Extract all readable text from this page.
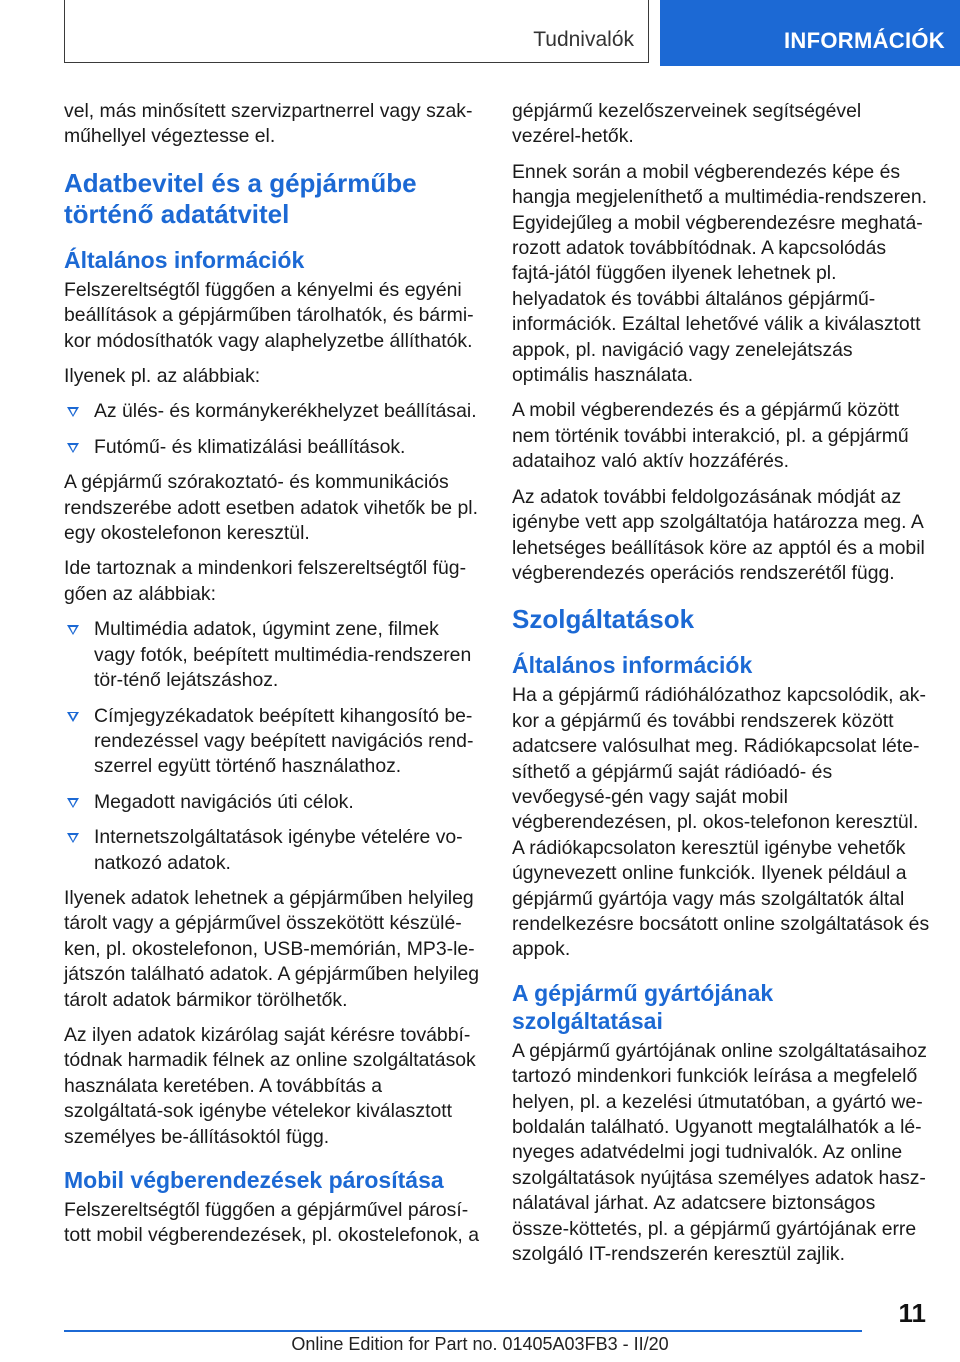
Tudnivalók	INFORMÁCIÓK

vel, más minősített szervizpartnerrel vagy szak-műhellyel végeztesse el.

Adatbevitel és a gépjárműbe történő adatátvitel
Általános információk

Felszereltségtől függően a kényelmi és egyéni beállítások a gépjárműben tárolhatók, és bármi-kor módosíthatók vagy alaphelyzetbe állíthatók.

Ilyenek pl. az alábbiak:

Az ülés- és kormánykerékhelyzet beállításai.
Futómű- és klimatizálási beállítások.

A gépjármű szórakoztató- és kommunikációs rendszerébe adott esetben adatok vihetők be pl. egy okostelefonon keresztül.

Ide tartoznak a mindenkori felszereltségtől füg-gően az alábbiak:

Multimédia adatok, úgymint zene, filmek vagy fotók, beépített multimédia-rendszeren tör-ténő lejátszáshoz.
Címjegyzékadatok beépített kihangosító be-rendezéssel vagy beépített navigációs rend-szerrel együtt történő használathoz.
Megadott navigációs úti célok.
Internetszolgáltatások igénybe vételére vo-natkozó adatok.

Ilyenek adatok lehetnek a gépjárműben helyileg tárolt vagy a gépjárművel összekötött készülé-ken, pl. okostelefonon, USB-memórián, MP3-le-játszón található adatok. A gépjárműben helyileg tárolt adatok bármikor törölhetők.

Az ilyen adatok kizárólag saját kérésre továbbí-tódnak harmadik félnek az online szolgáltatások használata keretében. A továbbítás a szolgáltatá-sok igénybe vételekor kiválasztott személyes be-állításoktól függ.

Mobil végberendezések párosítása

Felszereltségtől függően a gépjárművel párosí-tott mobil végberendezések, pl. okostelefonok, a

gépjármű kezelőszerveinek segítségével vezérel-hetők.

Ennek során a mobil végberendezés képe és hangja megjeleníthető a multimédia-rendszeren. Egyidejűleg a mobil végberendezésre meghatá-rozott adatok továbbítódnak. A kapcsolódás fajtá-jától függően ilyenek lehetnek pl. helyadatok és további általános gépjármű-információk. Ezáltal lehetővé válik a kiválasztott appok, pl. navigáció vagy zenelejátszás optimális használata.

A mobil végberendezés és a gépjármű között nem történik további interakció, pl. a gépjármű adataihoz való aktív hozzáférés.

Az adatok további feldolgozásának módját az igénybe vett app szolgáltatója határozza meg. A lehetséges beállítások köre az apptól és a mobil végberendezés operációs rendszerétől függ.

Szolgáltatások
Általános információk

Ha a gépjármű rádióhálózathoz kapcsolódik, ak-kor a gépjármű és további rendszerek között adatcsere valósulhat meg. Rádiókapcsolat léte-síthető a gépjármű saját rádióadó- és vevőegysé-gén vagy saját mobil végberendezésen, pl. okos-telefonon keresztül. A rádiókapcsolaton keresztül igénybe vehetők úgynevezett online funkciók. Ilyenek például a gépjármű gyártója vagy más szolgáltatók által rendelkezésre bocsátott online szolgáltatások és appok.

A gépjármű gyártójának szolgáltatásai

A gépjármű gyártójának online szolgáltatásaihoz tartozó mindenkori funkciók leírása a megfelelő helyen, pl. a kezelési útmutatóban, a gyártó we-boldalán található. Ugyanott megtalálhatók a lé-nyeges adatvédelmi jogi tudnivalók. Az online szolgáltatások nyújtása személyes adatok hasz-nálatával járhat. Az adatcsere biztonságos össze-köttetés, pl. a gépjármű gyártójának erre szolgáló IT-rendszerén keresztül zajlik.

11
Online Edition for Part no. 01405A03FB3 - II/20
